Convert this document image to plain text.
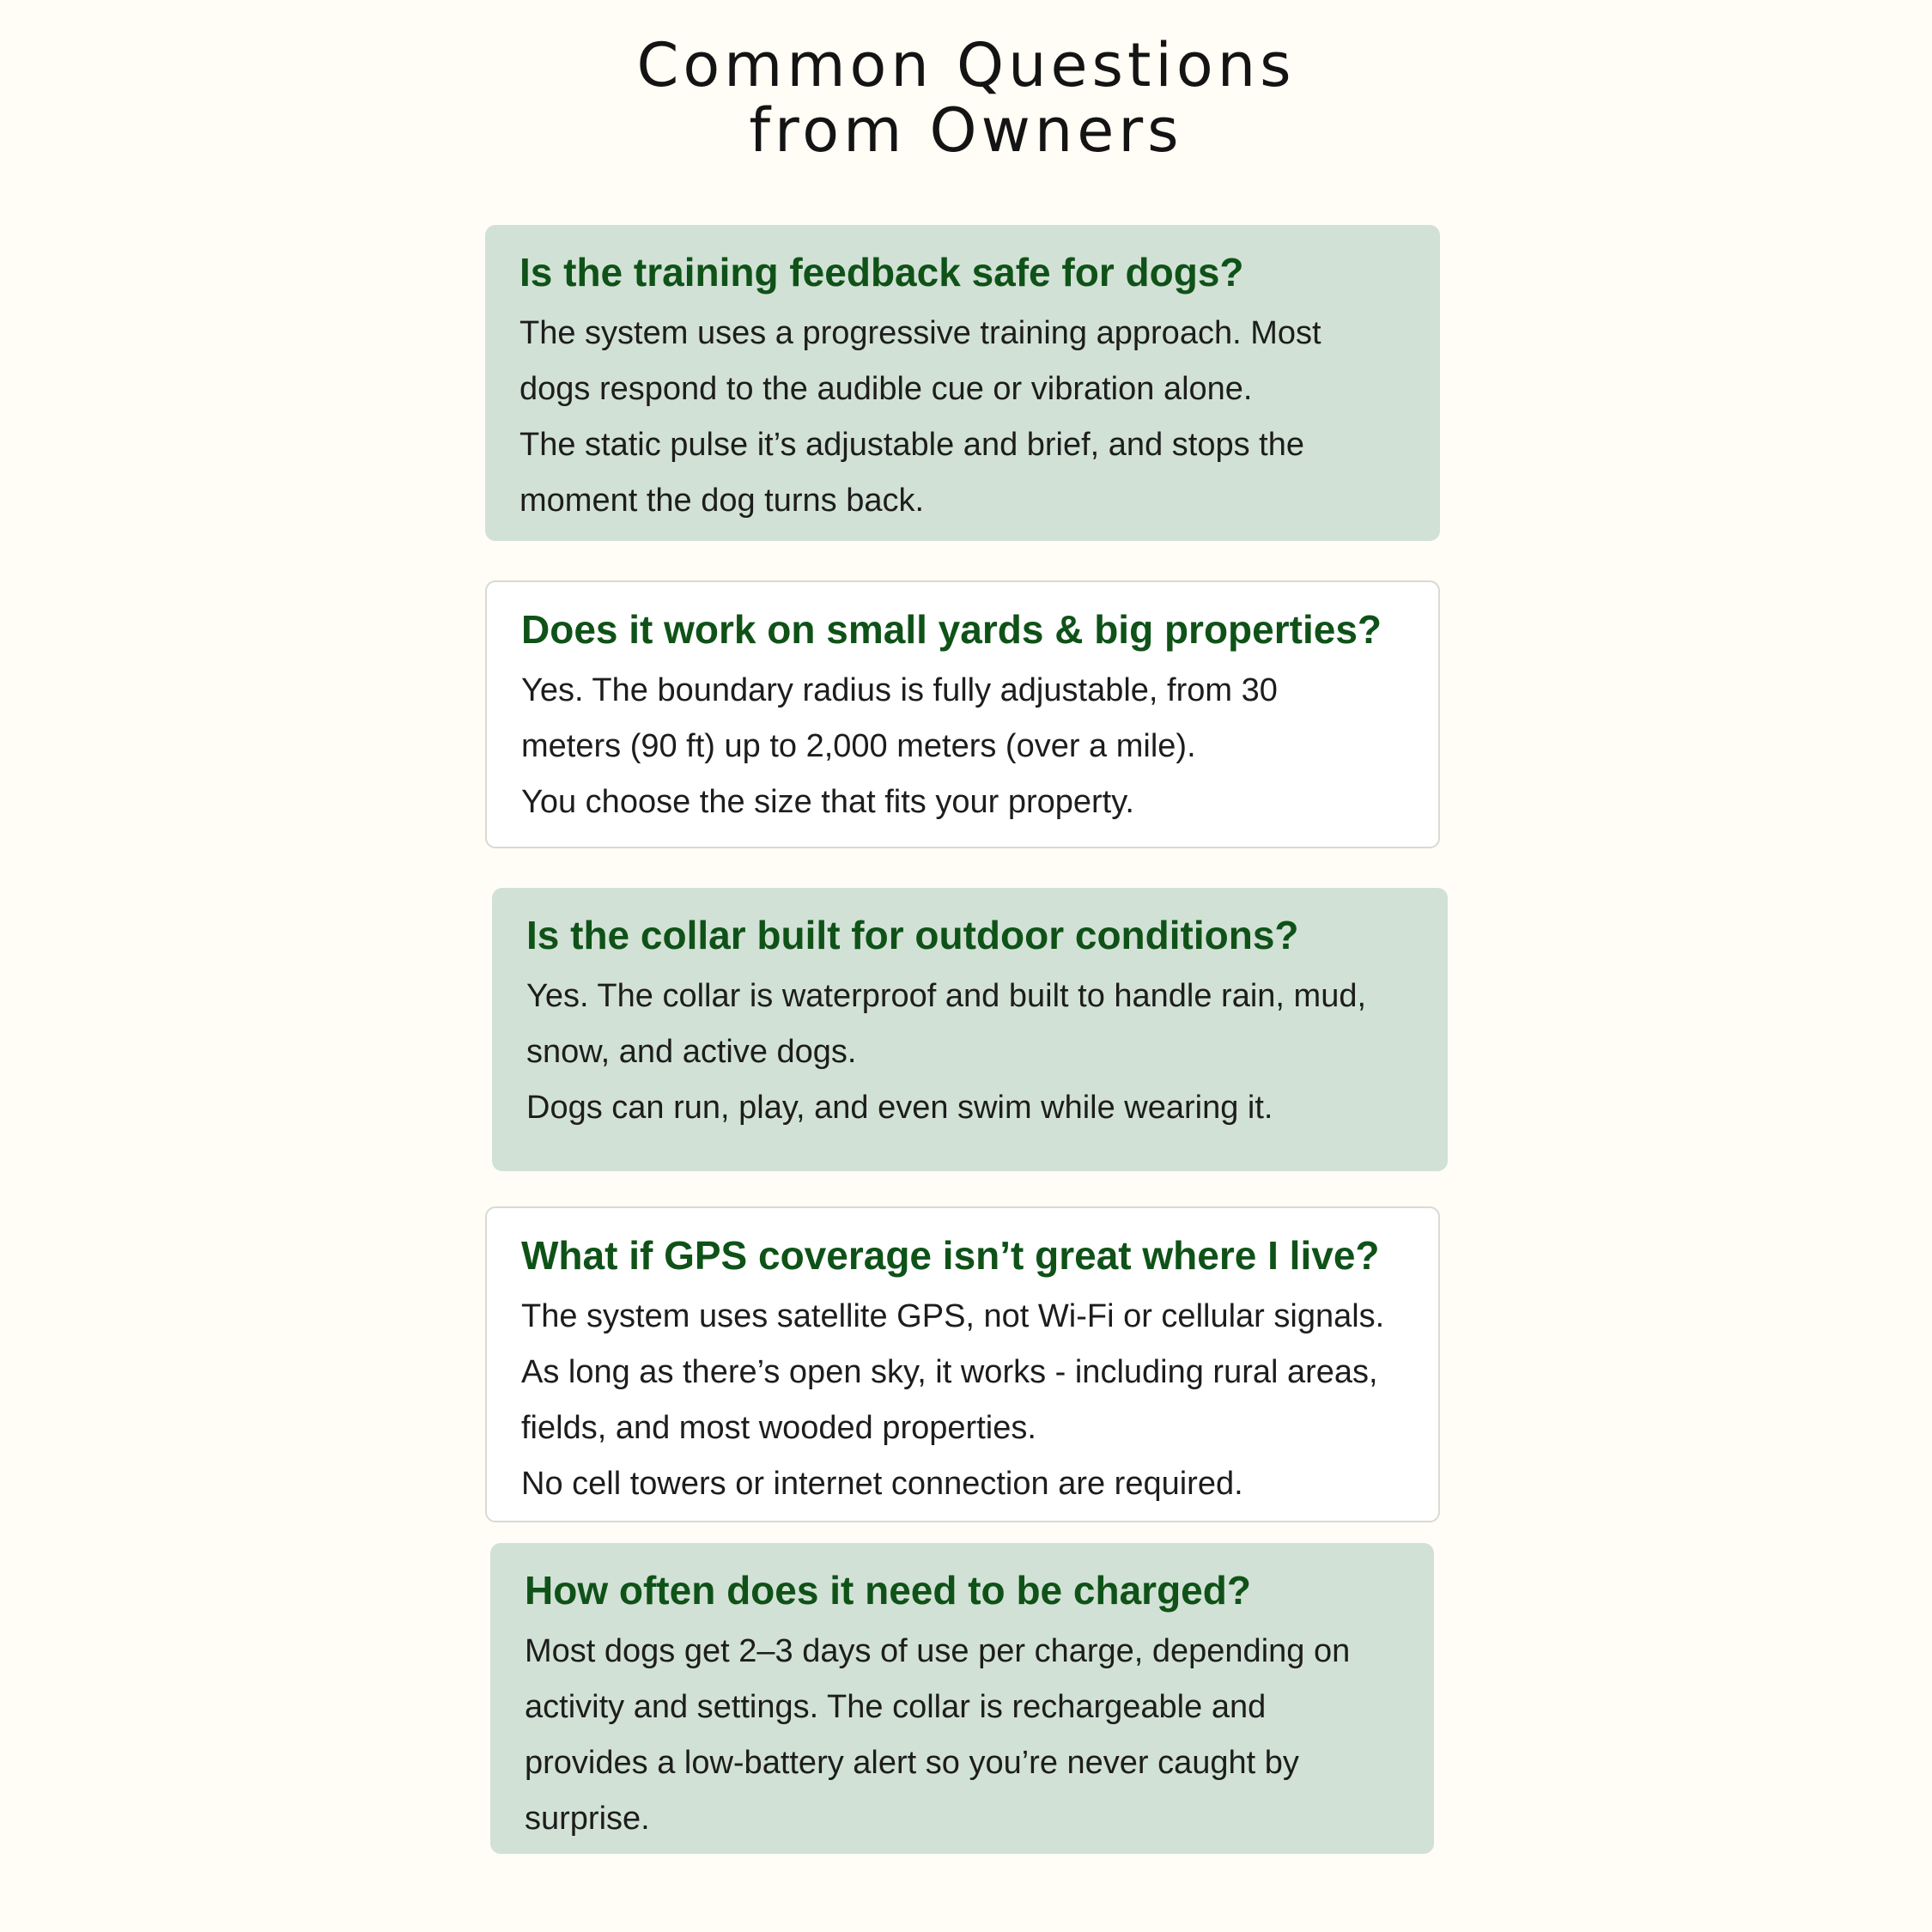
Common Questions
from Owners
Is the training feedback safe for dogs?

The system uses a progressive training approach. Most
dogs respond to the audible cue or vibration alone.
The static pulse it’s adjustable and brief, and stops the
moment the dog turns back.

Does it work on small yards & big properties?

Yes. The boundary radius is fully adjustable, from 30
meters (90 ft) up to 2,000 meters (over a mile).
You choose the size that fits your property.

Is the collar built for outdoor conditions?

Yes. The collar is waterproof and built to handle rain, mud,
snow, and active dogs.
Dogs can run, play, and even swim while wearing it.

What if GPS coverage isn’t great where I live?

The system uses satellite GPS, not Wi-Fi or cellular signals.
As long as there’s open sky, it works - including rural areas,
fields, and most wooded properties.
No cell towers or internet connection are required.

How often does it need to be charged?

Most dogs get 2–3 days of use per charge, depending on
activity and settings. The collar is rechargeable and
provides a low-battery alert so you’re never caught by
surprise.
